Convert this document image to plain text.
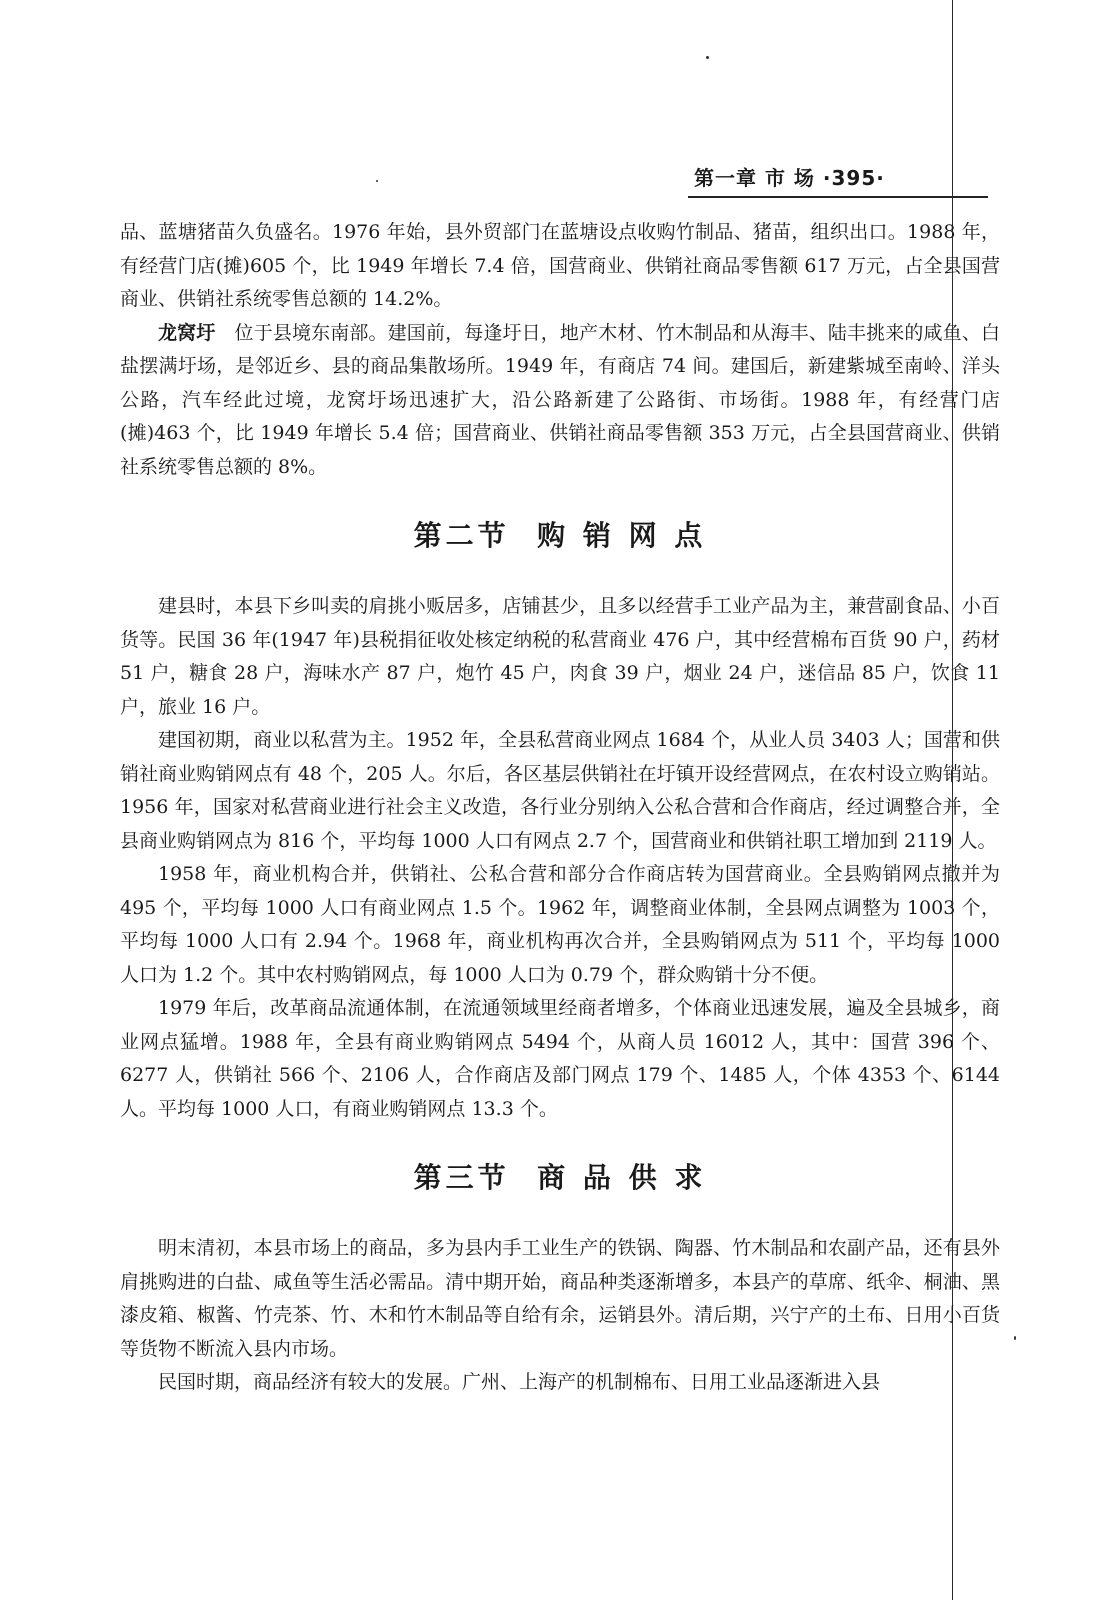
第一章 市 场 ·395·

品、蓝塘猪苗久负盛名。1976 年始，县外贸部门在蓝塘设点收购竹制品、猪苗，组织出口。1988 年，有经营门店(摊)605 个，比 1949 年增长 7.4 倍，国营商业、供销社商品零售额 617 万元，占全县国营商业、供销社系统零售总额的 14.2%。

龙窝圩　位于县境东南部。建国前，每逢圩日，地产木材、竹木制品和从海丰、陆丰挑来的咸鱼、白盐摆满圩场，是邻近乡、县的商品集散场所。1949 年，有商店 74 间。建国后，新建紫城至南岭、洋头公路，汽车经此过境，龙窝圩场迅速扩大，沿公路新建了公路街、市场街。1988 年，有经营门店(摊)463 个，比 1949 年增长 5.4 倍；国营商业、供销社商品零售额 353 万元，占全县国营商业、供销社系统零售总额的 8%。

第二节  购 销 网 点

建县时，本县下乡叫卖的肩挑小贩居多，店铺甚少，且多以经营手工业产品为主，兼营副食品、小百货等。民国 36 年(1947 年)县税捐征收处核定纳税的私营商业 476 户，其中经营棉布百货 90 户，药材 51 户，糖食 28 户，海味水产 87 户，炮竹 45 户，肉食 39 户，烟业 24 户，迷信品 85 户，饮食 11 户，旅业 16 户。

建国初期，商业以私营为主。1952 年，全县私营商业网点 1684 个，从业人员 3403 人；国营和供销社商业购销网点有 48 个，205 人。尔后，各区基层供销社在圩镇开设经营网点，在农村设立购销站。1956 年，国家对私营商业进行社会主义改造，各行业分别纳入公私合营和合作商店，经过调整合并，全县商业购销网点为 816 个，平均每 1000 人口有网点 2.7 个，国营商业和供销社职工增加到 2119 人。

1958 年，商业机构合并，供销社、公私合营和部分合作商店转为国营商业。全县购销网点撤并为 495 个，平均每 1000 人口有商业网点 1.5 个。1962 年，调整商业体制，全县网点调整为 1003 个，平均每 1000 人口有 2.94 个。1968 年，商业机构再次合并，全县购销网点为 511 个，平均每 1000 人口为 1.2 个。其中农村购销网点，每 1000 人口为 0.79 个，群众购销十分不便。

1979 年后，改革商品流通体制，在流通领域里经商者增多，个体商业迅速发展，遍及全县城乡，商业网点猛增。1988 年，全县有商业购销网点 5494 个，从商人员 16012 人，其中：国营 396 个、6277 人，供销社 566 个、2106 人，合作商店及部门网点 179 个、1485 人，个体 4353 个、6144 人。平均每 1000 人口，有商业购销网点 13.3 个。

第三节  商 品 供 求

明末清初，本县市场上的商品，多为县内手工业生产的铁锅、陶器、竹木制品和农副产品，还有县外肩挑购进的白盐、咸鱼等生活必需品。清中期开始，商品种类逐渐增多，本县产的草席、纸伞、桐油、黑漆皮箱、椒酱、竹壳茶、竹、木和竹木制品等自给有余，运销县外。清后期，兴宁产的土布、日用小百货等货物不断流入县内市场。

民国时期，商品经济有较大的发展。广州、上海产的机制棉布、日用工业品逐渐进入县
